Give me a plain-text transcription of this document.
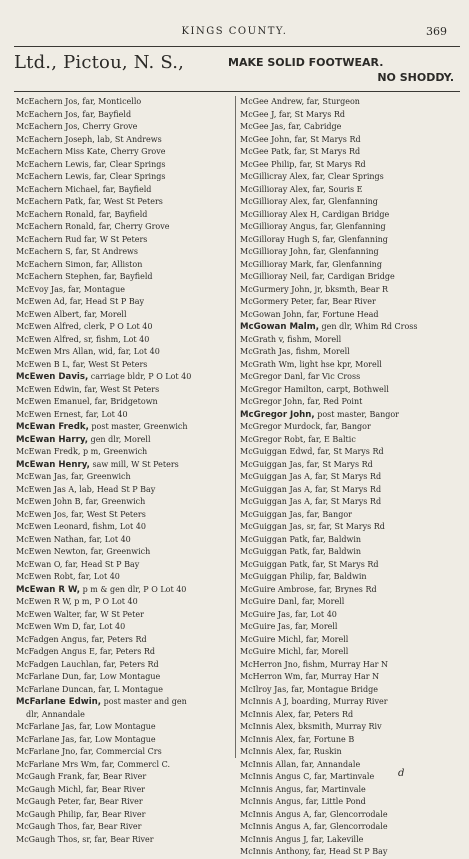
KINGS COUNTY.	369
Ltd., Pictou, N. S.,	MAKE SOLID FOOTWEAR.
NO SHODDY.
McEachern Jos, far, Monticello
McEachern Jos, far, Bayfield
McEachern Jos, Cherry Grove
McEachern Joseph, lab, St Andrews
McEachern Miss Kate, Cherry Grove
McEachern Lewis, far, Clear Springs
McEachern Lewis, far, Clear Springs
McEachern Michael, far, Bayfield
McEachern Patk, far, West St Peters
McEachern Ronald, far, Bayfield
McEachern Ronald, far, Cherry Grove
McEachern Rud far, W St Peters
McEachern S, far, St Andrews
McEachern Simon, far, Alliston
McEachern Stephen, far, Bayfield
McEvoy Jas, far, Montague
McEwen Ad, far, Head St P Bay
McEwen Albert, far, Morell
McEwen Alfred, clerk, P O Lot 40
McEwen Alfred, sr, fishm, Lot 40
McEwen Mrs Allan, wid, far, Lot 40
McEwen B L, far, West St Peters
McEwen Davis, carriage bldr, P O Lot 40
McEwen Edwin, far, West St Peters
McEwen Emanuel, far, Bridgetown
McEwen Ernest, far, Lot 40
McEwan Fredk, post master, Greenwich
McEwan Harry, gen dlr, Morell
McEwan Fredk, p m, Greenwich
McEwan Henry, saw mill, W St Peters
McEwan Jas, far, Greenwich
McEwen Jas A, lab, Head St P Bay
McEwen John B, far, Greenwich
McEwen Jos, far, West St Peters
McEwen Leonard, fishm, Lot 40
McEwen Nathan, far, Lot 40
McEwen Newton, far, Greenwich
McEwan O, far, Head St P Bay
McEwen Robt, far, Lot 40
McEwan R W, p m & gen dlr, P O Lot 40
McEwen R W, p m, P O Lot 40
McEwen Walter, far, W St Peter
McEwen Wm D, far, Lot 40
McFadgen Angus, far, Peters Rd
McFadgen Angus E, far, Peters Rd
McFadgen Lauchlan, far, Peters Rd
McFarlane Dun, far, Low Montague
McFarlane Duncan, far, L Montague
McFarlane Edwin, post master and gen
dlr, Annandale
McFarlane Jas, far, Low Montague
McFarlane Jas, far, Low Montague
McFarlane Jno, far, Commercial Crs
McFarlane Mrs Wm, far, Commercl C.
McGaugh Frank, far, Bear River
McGaugh Michl, far, Bear River
McGaugh Peter, far, Bear River
McGaugh Philip, far, Bear River
McGaugh Thos, far, Bear River
McGaugh Thos, sr, far, Bear River
McGee Andrew, far, Sturgeon
McGee J, far, St Marys Rd
McGee Jas, far, Cabridge
McGee John, far, St Marys Rd
McGee Patk, far, St Marys Rd
McGee Philip, far, St Marys Rd
McGillicray Alex, far, Clear Springs
McGillioray Alex, far, Souris E
McGillioray Alex, far, Glenfanning
McGillioray Alex H, Cardigan Bridge
McGillioray Angus, far, Glenfanning
McGilloray Hugh S, far, Glenfanning
McGillioray John, far, Glenfanning
McGillioray Mark, far, Glenfanning
McGillioray Neil, far, Cardigan Bridge
McGurmery John, jr, bksmth, Bear R
McGormery Peter, far, Bear River
McGowan John, far, Fortune Head
McGowan Malm, gen dlr, Whim Rd Cross
McGrath v, fishm, Morell
McGrath Jas, fishm, Morell
McGrath Wm, light hse kpr, Morell
McGregor Danl, far Vic Cross
McGregor Hamilton, carpt, Bothwell
McGregor John, far, Red Point
McGregor John, post master, Bangor
McGregor Murdock, far, Bangor
McGregor Robt, far, E Baltic
McGuiggan Edwd, far, St Marys Rd
McGuiggan Jas, far, St Marys Rd
McGuiggan Jas A, far, St Marys Rd
McGuiggan Jas A, far, St Marys Rd
McGuiggan Jas A, far, St Marys Rd
McGuiggan Jas, far, Bangor
McGuiggan Jas, sr, far, St Marys Rd
McGuiggan Patk, far, Baldwin
McGuiggan Patk, far, Baldwin
McGuiggan Patk, far, St Marys Rd
McGuiggan Philip, far, Baldwin
McGuire Ambrose, far, Brynes Rd
McGuire Danl, far, Morell
McGuire Jas, far, Lot 40
McGuire Jas, far, Morell
McGuire Michl, far, Morell
McGuire Michl, far, Morell
McHerron Jno, fishm, Murray Har N
McHerron Wm, far, Murray Har N
McIlroy Jas, far, Montague Bridge
McInnis A J, boarding, Murray River
McInnis Alex, far, Peters Rd
McInnis Alex, bksmith, Murray Riv
McInnis Alex, far, Fortune B
McInnis Alex, far, Ruskin
McInnis Allan, far, Annandale
McInnis Angus C, far, Martinvale
McInnis Angus, far, Martinvale
McInnis Angus, far, Little Pond
McInnis Angus A, far, Glencorrodale
McInnis Angus A, far, Glencorrodale
McInnis Angus J, far, Lakeville
McInnis Anthony, far, Head St P Bay
d
